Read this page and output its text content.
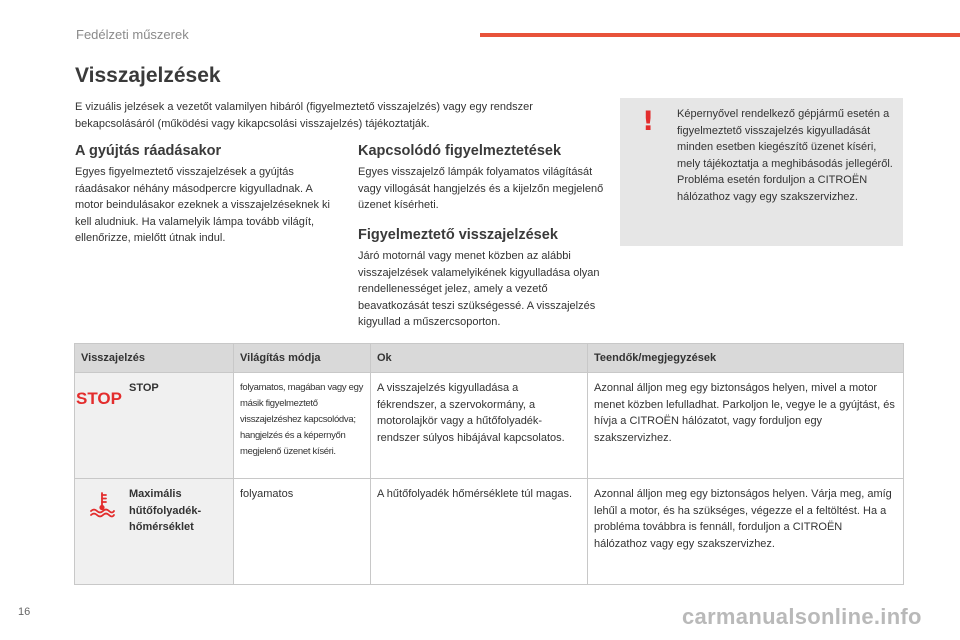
Fedélzeti műszerek
Visszajelzések
E vizuális jelzések a vezetőt valamilyen hibáról (figyelmeztető visszajelzés) vagy egy rendszer bekapcsolásáról (működési vagy kikapcsolási visszajelzés) tájékoztatják.
A gyújtás ráadásakor
Egyes figyelmeztető visszajelzések a gyújtás ráadásakor néhány másodpercre kigyulladnak. A motor beindulásakor ezeknek a visszajelzéseknek ki kell aludniuk. Ha valamelyik lámpa tovább világít, ellenőrizze, mielőtt útnak indul.
Kapcsolódó figyelmeztetések
Egyes visszajelző lámpák folyamatos világítását vagy villogását hangjelzés és a kijelzőn megjelenő üzenet kísérheti.
Figyelmeztető visszajelzések
Járó motornál vagy menet közben az alábbi visszajelzések valamelyikének kigyulladása olyan rendellenességet jelez, amely a vezető beavatkozását teszi szükségessé. A visszajelzés kigyullad a műszercsoporton.
! Képernyővel rendelkező gépjármű esetén a figyelmeztető visszajelzés kigyulladását minden esetben kiegészítő üzenet kíséri, mely tájékoztatja a meghibásodás jellegéről. Probléma esetén forduljon a CITROËN hálózathoz vagy egy szakszervizhez.
Visszajelzés		Világítás módja	Ok	Teendők/megjegyzések

STOP	STOP	folyamatos, magában vagy egy másik figyelmeztető visszajelzéshez kapcsolódva; hangjelzés és a képernyőn megjelenő üzenet kíséri.	A visszajelzés kigyulladása a fékrendszer, a szervokormány, a motorolajkör vagy a hűtőfolyadék-rendszer súlyos hibájával kapcsolatos.	Azonnal álljon meg egy biztonságos helyen, mivel a motor menet közben lefulladhat. Parkoljon le, vegye le a gyújtást, és hívja a CITROËN hálózatot, vagy forduljon egy szakszervizhez.

	Maximális hűtőfolyadék-hőmérséklet	folyamatos	A hűtőfolyadék hőmérséklete túl magas.	Azonnal álljon meg egy biztonságos helyen. Várja meg, amíg lehűl a motor, és ha szükséges, végezze el a feltöltést. Ha a probléma továbbra is fennáll, forduljon a CITROËN hálózathoz vagy egy szakszervizhez.
16	carmanualsonline.info
